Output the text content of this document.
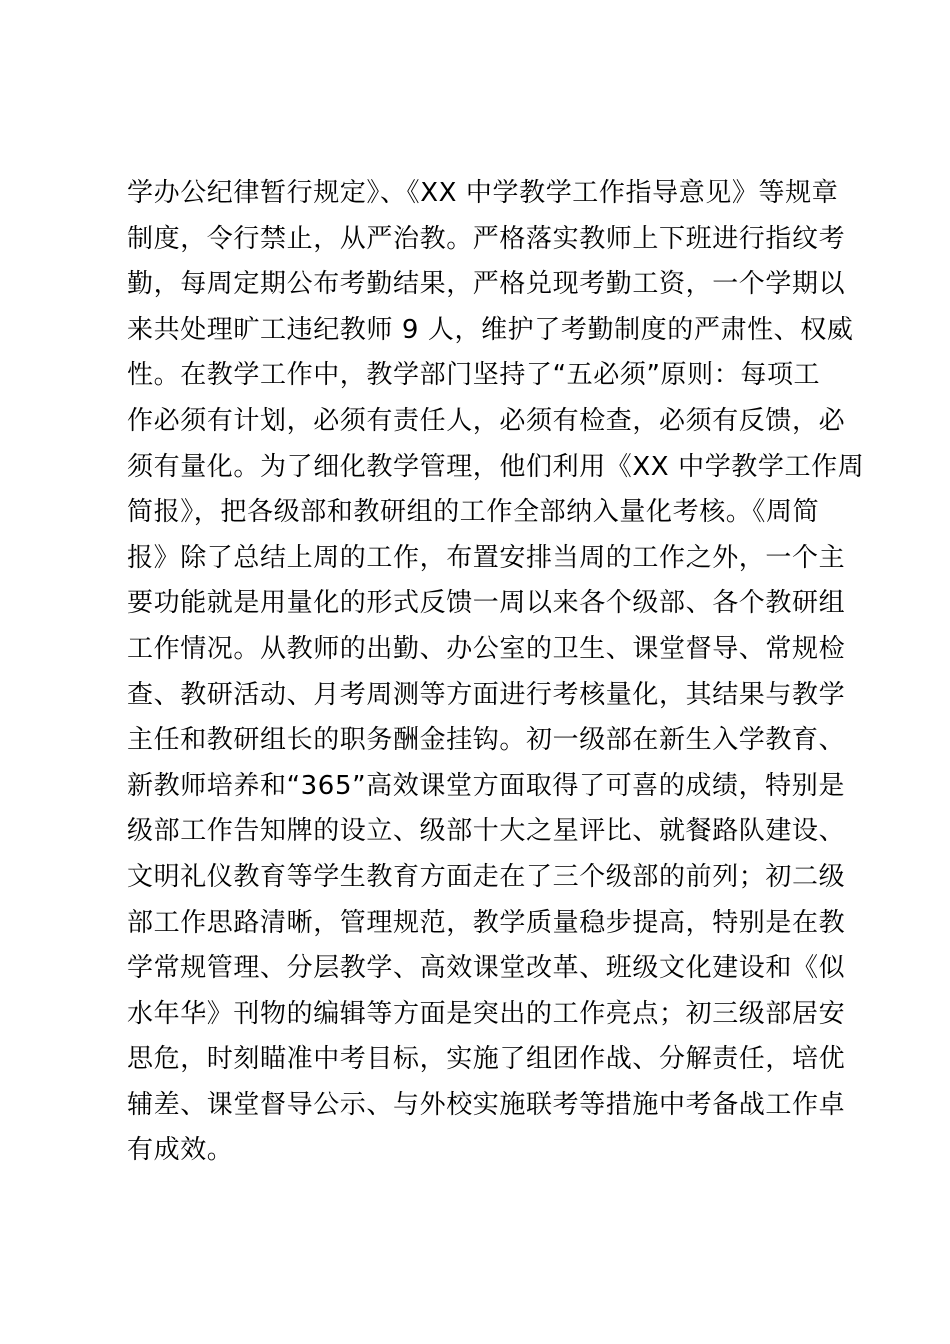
学办公纪律暂行规定》、《XX 中学教学工作指导意见》等规章
制度，令行禁止，从严治教。严格落实教师上下班进行指纹考
勤，每周定期公布考勤结果，严格兑现考勤工资，一个学期以
来共处理旷工违纪教师 9 人，维护了考勤制度的严肃性、权威
性。在教学工作中，教学部门坚持了“五必须”原则：每项工
作必须有计划，必须有责任人，必须有检查，必须有反馈，必
须有量化。为了细化教学管理，他们利用《XX 中学教学工作周
简报》，把各级部和教研组的工作全部纳入量化考核。《周简
报》除了总结上周的工作，布置安排当周的工作之外，一个主
要功能就是用量化的形式反馈一周以来各个级部、各个教研组
工作情况。从教师的出勤、办公室的卫生、课堂督导、常规检
查、教研活动、月考周测等方面进行考核量化，其结果与教学
主任和教研组长的职务酬金挂钩。初一级部在新生入学教育、
新教师培养和“365”高效课堂方面取得了可喜的成绩，特别是
级部工作告知牌的设立、级部十大之星评比、就餐路队建设、
文明礼仪教育等学生教育方面走在了三个级部的前列；初二级
部工作思路清晰，管理规范，教学质量稳步提高，特别是在教
学常规管理、分层教学、高效课堂改革、班级文化建设和《似
水年华》刊物的编辑等方面是突出的工作亮点；初三级部居安
思危，时刻瞄准中考目标，实施了组团作战、分解责任，培优
辅差、课堂督导公示、与外校实施联考等措施中考备战工作卓
有成效。
